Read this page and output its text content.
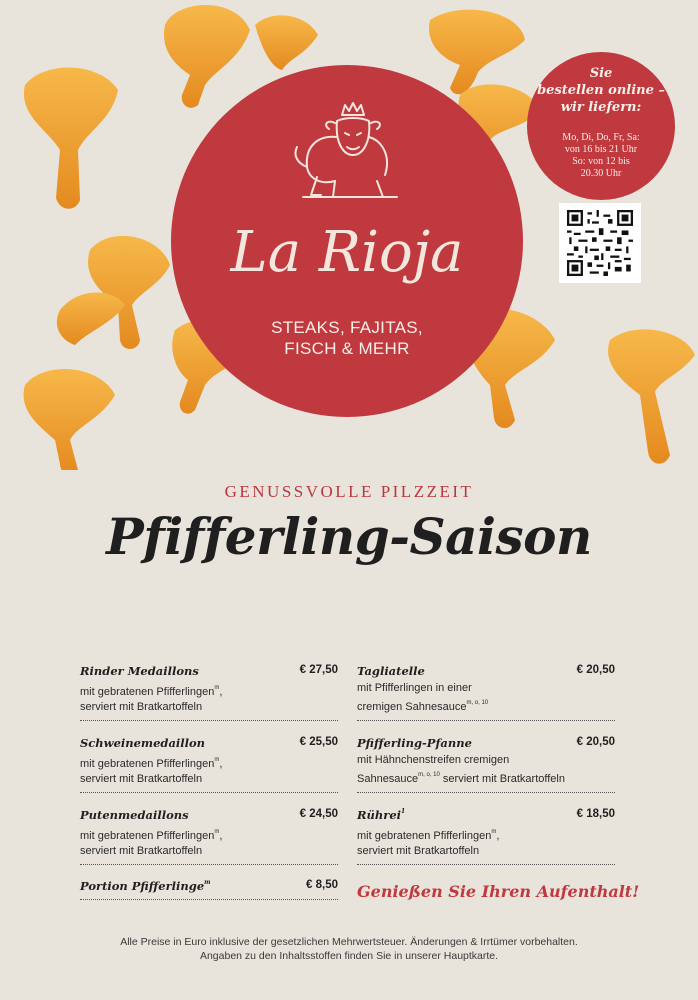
La Rioja
STEAKS, FAJITAS,
FISCH & MEHR
Sie
bestellen online –
wir liefern:
Mo, Di, Do, Fr, Sa:
von 16 bis 21 Uhr
So: von 12 bis
20.30 Uhr
GENUSSVOLLE PILZZEIT
Pfifferling-Saison
Rinder Medaillons	€ 27,50
mit gebratenen Pfifferlingen$^m$,
serviert mit Bratkartoffeln
Schweinemedaillon	€ 25,50
mit gebratenen Pfifferlingen$^m$,
serviert mit Bratkartoffeln
Putenmedaillons	€ 24,50
mit gebratenen Pfifferlingen$^m$,
serviert mit Bratkartoffeln
Portion Pfifferlinge$^m$	€ 8,50
Tagliatelle	€ 20,50
mit Pfifferlingen in einer
cremigen Sahnesauce$^{m, o, 10}$
Pfifferling-Pfanne	€ 20,50
mit Hähnchenstreifen cremigen
Sahnesauce$^{m, o, 10}$ serviert mit Bratkartoffeln
Rührei$^1$	€ 18,50
mit gebratenen Pfifferlingen$^m$,
serviert mit Bratkartoffeln
Genießen Sie Ihren Aufenthalt!
Alle Preise in Euro inklusive der gesetzlichen Mehrwertsteuer. Änderungen & Irrtümer vorbehalten.
Angaben zu den Inhaltsstoffen finden Sie in unserer Hauptkarte.
